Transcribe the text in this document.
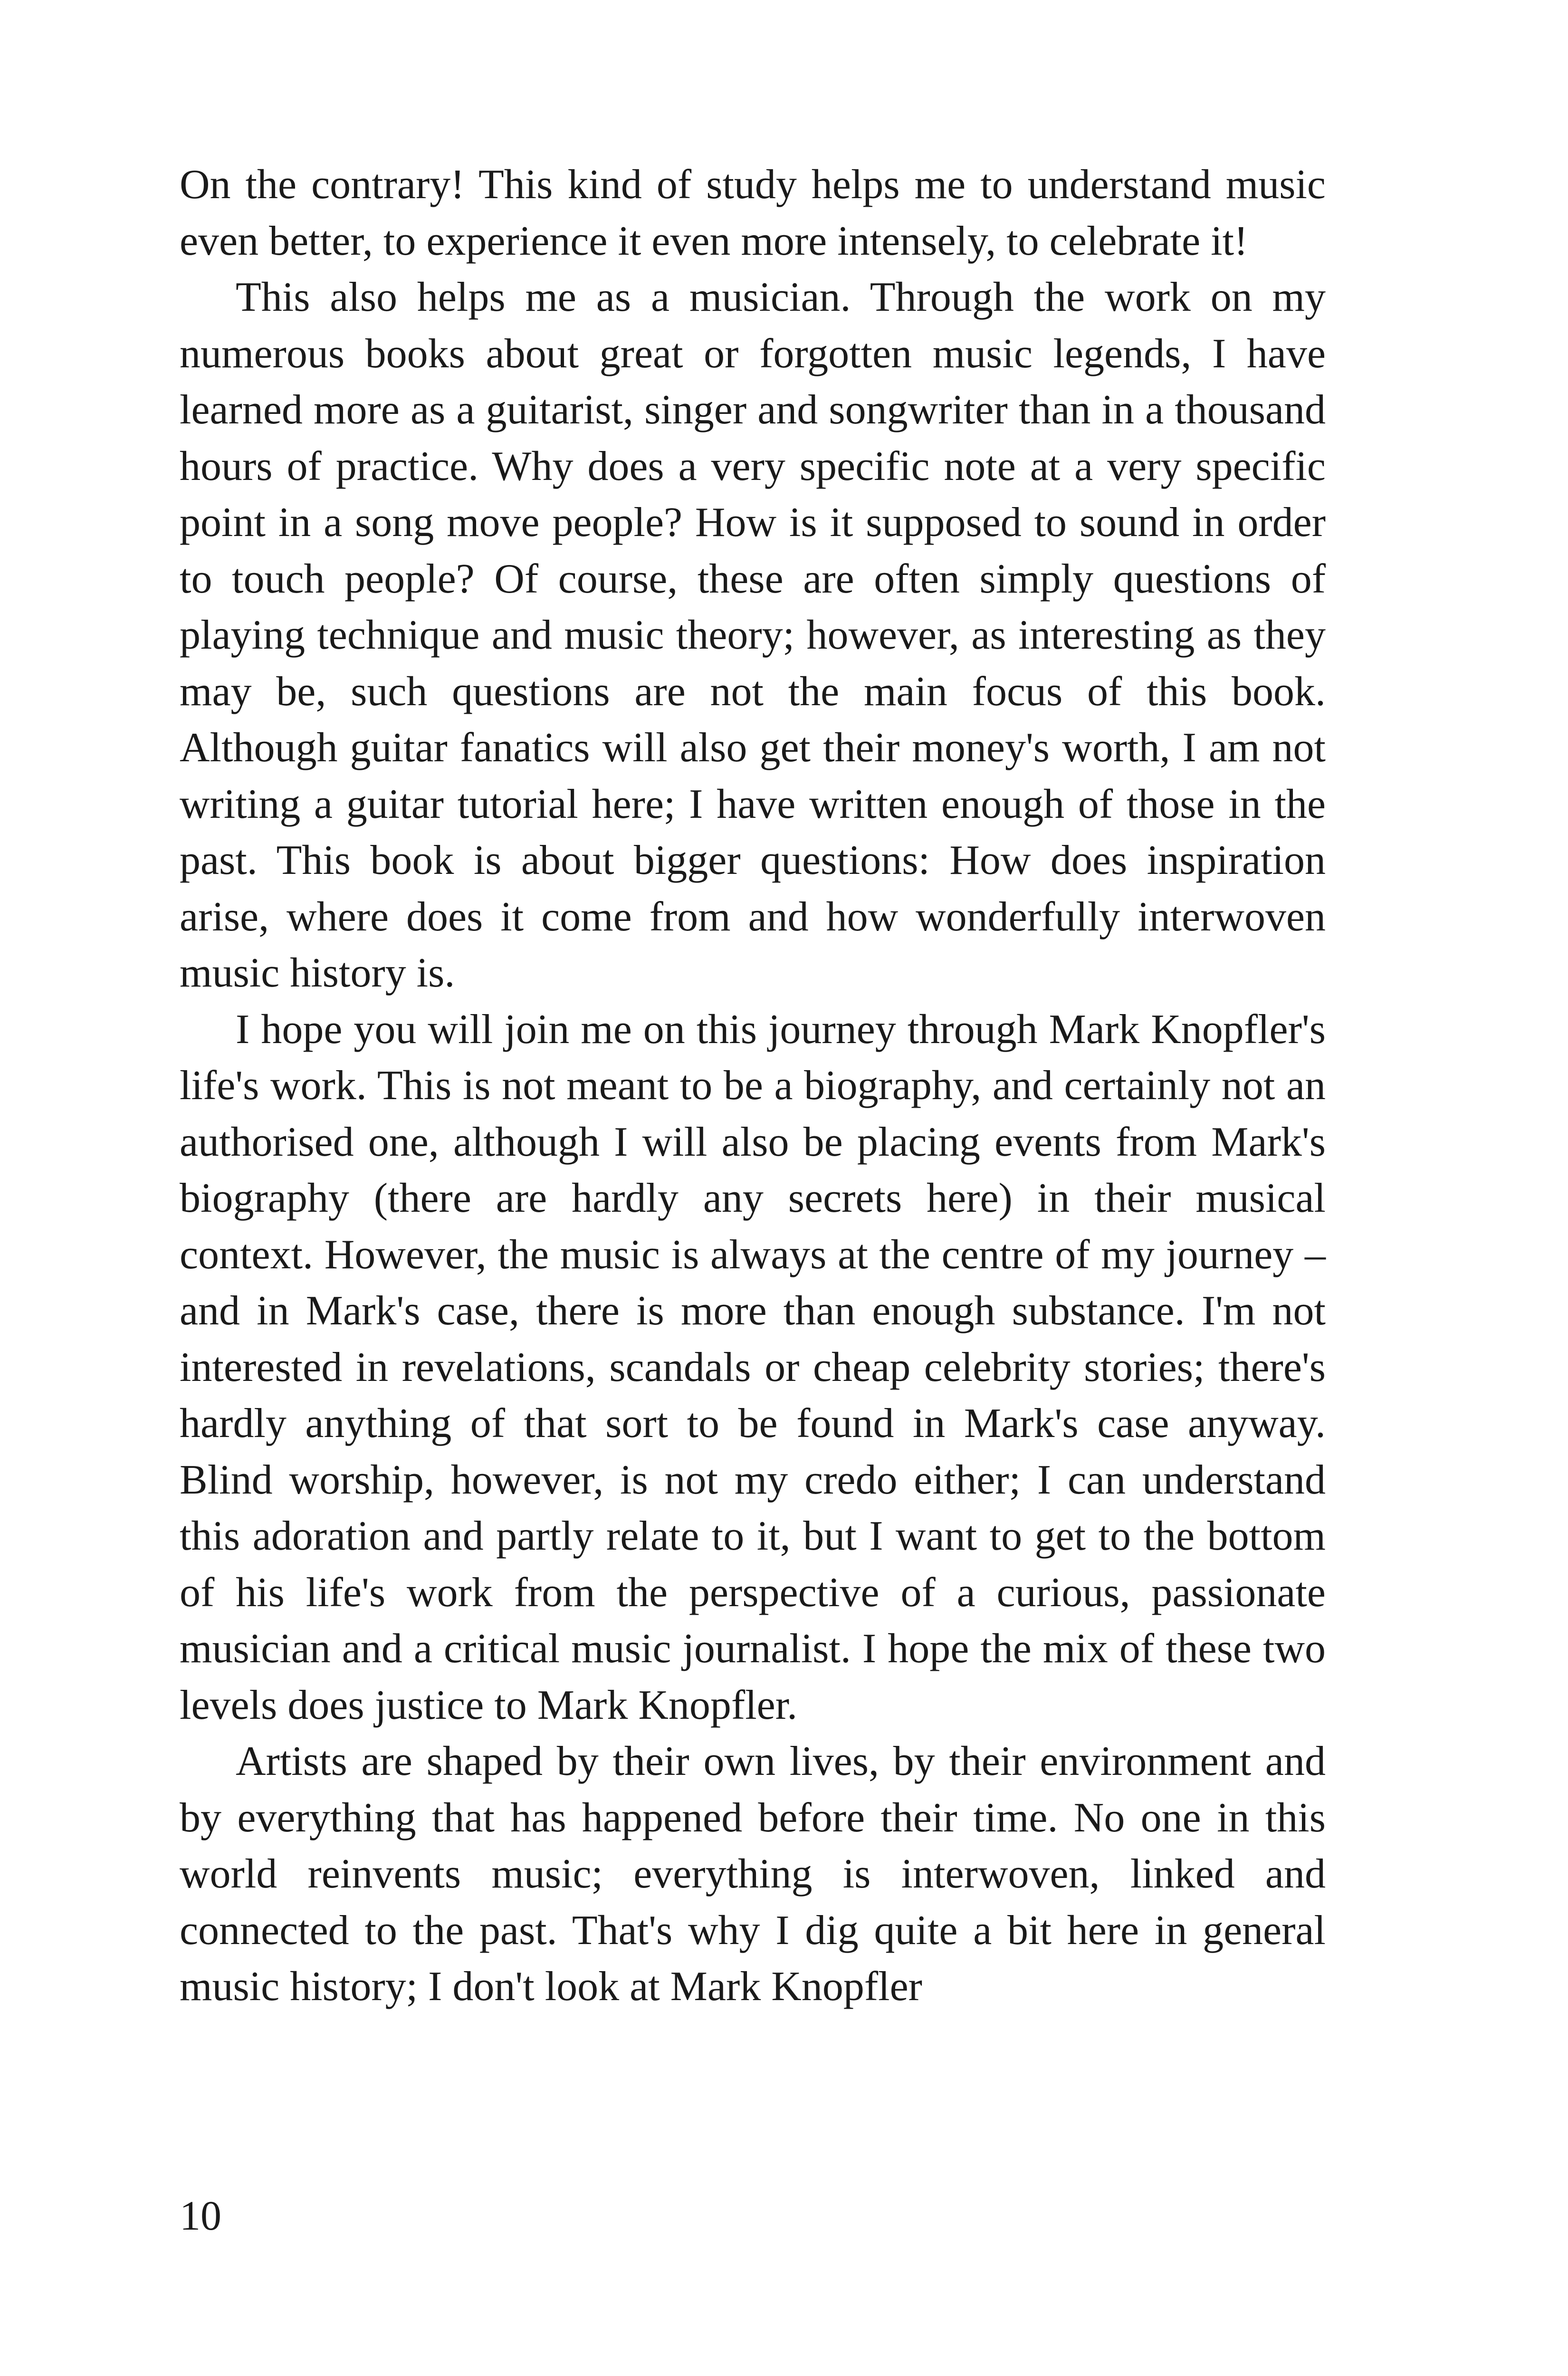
On the contrary! This kind of study helps me to understand music even better, to experience it even more intensely, to celebrate it!

This also helps me as a musician. Through the work on my numerous books about great or forgotten music legends, I have learned more as a guitarist, singer and songwriter than in a thousand hours of practice. Why does a very specific note at a very specific point in a song move people? How is it supposed to sound in order to touch people? Of course, these are often simply questions of playing technique and music theory; however, as interesting as they may be, such questions are not the main focus of this book. Although guitar fanatics will also get their money's worth, I am not writing a guitar tutorial here; I have written enough of those in the past. This book is about bigger questions: How does inspiration arise, where does it come from and how wonderfully interwoven music history is.

I hope you will join me on this journey through Mark Knopfler's life's work. This is not meant to be a biography, and certainly not an authorised one, although I will also be placing events from Mark's biography (there are hardly any secrets here) in their musical context. However, the music is always at the centre of my journey – and in Mark's case, there is more than enough substance. I'm not interested in revelations, scandals or cheap celebrity stories; there's hardly anything of that sort to be found in Mark's case anyway. Blind worship, however, is not my credo either; I can understand this adoration and partly relate to it, but I want to get to the bottom of his life's work from the perspective of a curious, passionate musician and a critical music journalist. I hope the mix of these two levels does justice to Mark Knopfler.

Artists are shaped by their own lives, by their environment and by everything that has happened before their time. No one in this world reinvents music; everything is interwoven, linked and connected to the past. That's why I dig quite a bit here in general music history; I don't look at Mark Knopfler

10
